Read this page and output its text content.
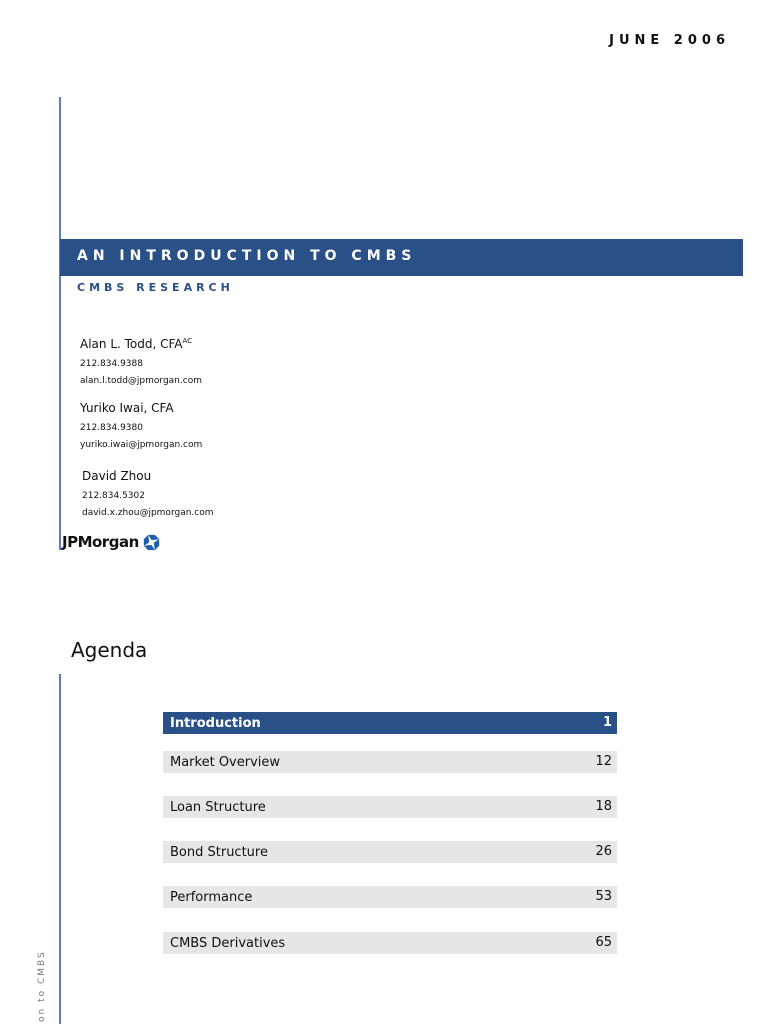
JUNE 2006
AN INTRODUCTION TO CMBS
CMBS RESEARCH
Alan L. Todd, $CFA^{AC}$
212.834.9388
alan.l.todd@jpmorgan.com
Yuriko Iwai, CFA
212.834.9380
yuriko.iwai@jpmorgan.com
David Zhou
212.834.5302
david.x.zhou@jpmorgan.com
JPMorgan
Agenda
Introduction	1
Market Overview	12
Loan Structure	18
Bond Structure	26
Performance	53
CMBS Derivatives	65
on to CMBS
